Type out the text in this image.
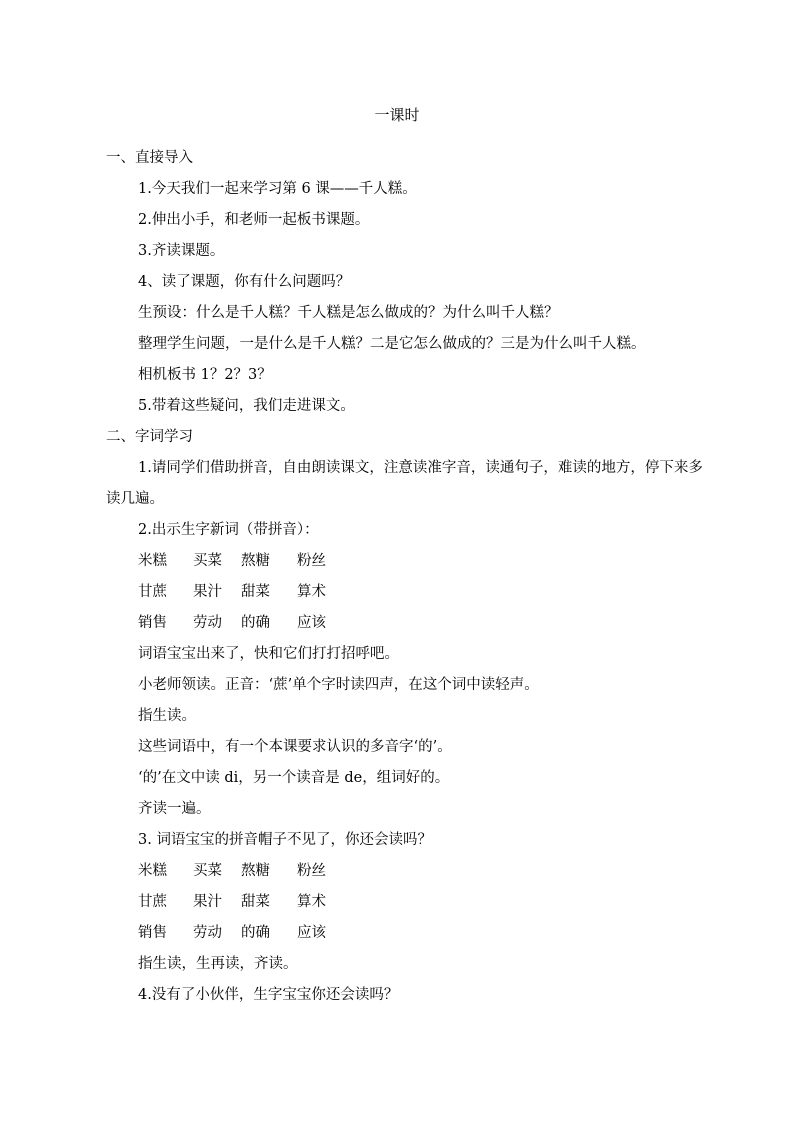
一课时

一、直接导入

1.今天我们一起来学习第 6 课——千人糕。

2.伸出小手，和老师一起板书课题。

3.齐读课题。

4、读了课题，你有什么问题吗？

生预设：什么是千人糕？千人糕是怎么做成的？为什么叫千人糕？

整理学生问题，一是什么是千人糕？二是它怎么做成的？三是为什么叫千人糕。

相机板书 1？2？3？

5.带着这些疑问，我们走进课文。

二、字词学习

1.请同学们借助拼音，自由朗读课文，注意读准字音，读通句子，难读的地方，停下来多读几遍。

2.出示生字新词（带拼音）：

米糕 买菜 熬糖 粉丝
甘蔗 果汁 甜菜 算术
销售 劳动 的确 应该

词语宝宝出来了，快和它们打打招呼吧。

小老师领读。正音：‘蔗’单个字时读四声，在这个词中读轻声。

指生读。

这些词语中，有一个本课要求认识的多音字‘的’。

‘的’在文中读 di，另一个读音是 de，组词好的。

齐读一遍。

3. 词语宝宝的拼音帽子不见了，你还会读吗？

米糕 买菜 熬糖 粉丝
甘蔗 果汁 甜菜 算术
销售 劳动 的确 应该

指生读，生再读，齐读。

4.没有了小伙伴，生字宝宝你还会读吗？
